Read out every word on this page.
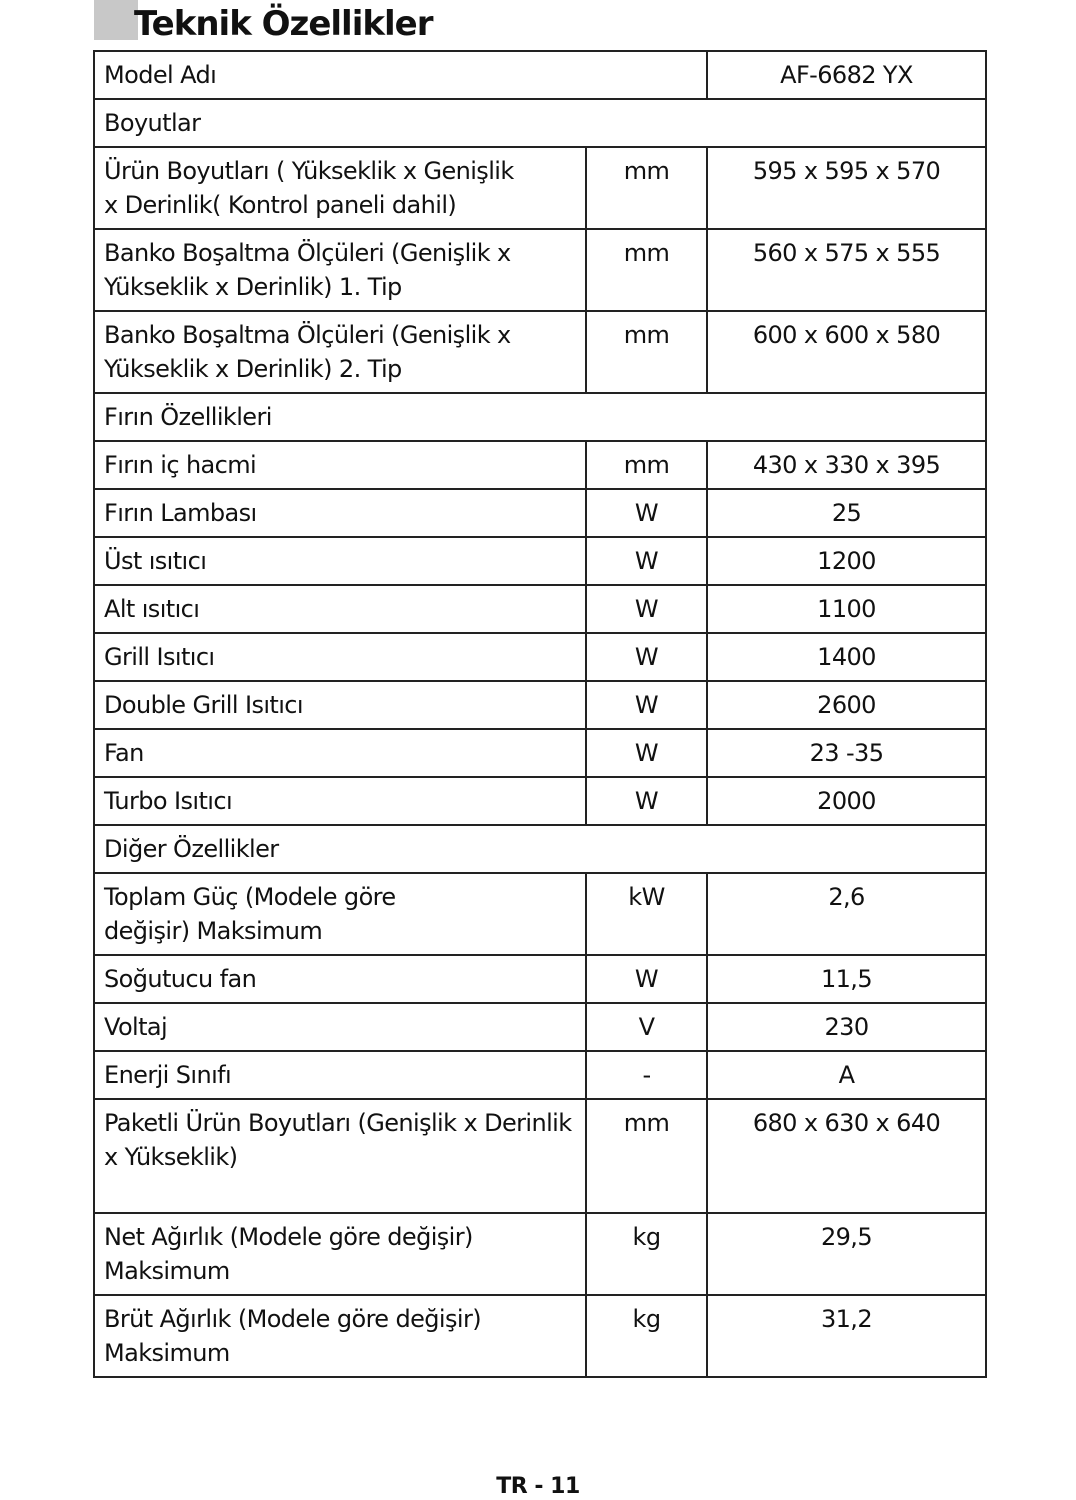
Teknik Özellikler
Model Adı		AF-6682 YX
Boyutlar		
Ürün Boyutları ( Yükseklik x Genişlik
x Derinlik( Kontrol paneli dahil)	mm	595 x 595 x 570
Banko Boşaltma Ölçüleri (Genişlik x
Yükseklik x Derinlik) 1. Tip	mm	560 x 575 x 555
Banko Boşaltma Ölçüleri (Genişlik x
Yükseklik x Derinlik) 2. Tip	mm	600 x 600 x 580
Fırın Özellikleri		
Fırın iç hacmi	mm	430 x 330 x 395
Fırın Lambası	W	25
Üst ısıtıcı	W	1200
Alt ısıtıcı	W	1100
Grill Isıtıcı	W	1400
Double Grill Isıtıcı	W	2600
Fan	W	23 -35
Turbo Isıtıcı	W	2000
Diğer Özellikler		
Toplam Güç (Modele göre
değişir) Maksimum	kW	2,6
Soğutucu fan	W	11,5
Voltaj	V	230
Enerji Sınıfı	-	A
Paketli Ürün Boyutları (Genişlik x Derinlik
x Yükseklik)	mm	680 x 630 x 640
Net Ağırlık (Modele göre değişir) Maksimum	kg	29,5
Brüt Ağırlık (Modele göre değişir) Maksimum	kg	31,2
TR - 11
